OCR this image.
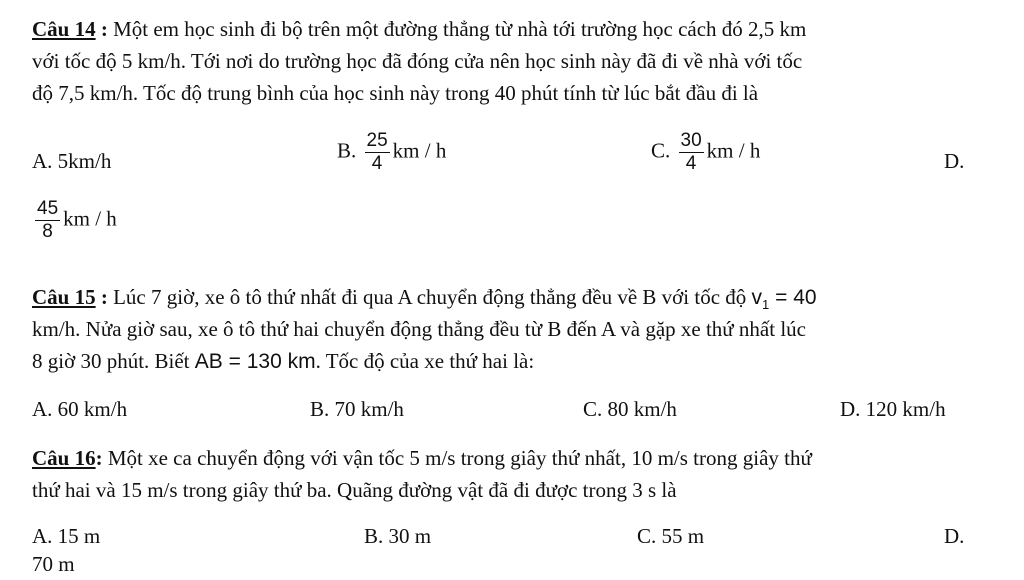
Câu 14 : Một em học sinh đi bộ trên một đường thẳng từ nhà tới trường học cách đó 2,5 km
với tốc độ 5 km/h. Tới nơi do trường học đã đóng cửa nên học sinh này đã đi về nhà với tốc
độ 7,5 km/h. Tốc độ trung bình của học sinh này trong 40 phút tính từ lúc bắt đầu đi là
A. 5km/h	B. $\frac{25}{4}$ km / h	C. $\frac{30}{4}$ km / h	D.
$\frac{45}{8}$ km / h
Câu 15 : Lúc 7 giờ, xe ô tô thứ nhất đi qua A chuyển động thẳng đều về B với tốc độ $v_1 = 40$
km/h. Nửa giờ sau, xe ô tô thứ hai chuyển động thẳng đều từ B đến A và gặp xe thứ nhất lúc
8 giờ 30 phút. Biết AB = 130 km. Tốc độ của xe thứ hai là:
A. 60 km/h	B. 70 km/h	C. 80 km/h	D. 120 km/h
Câu 16: Một xe ca chuyển động với vận tốc 5 m/s trong giây thứ nhất, 10 m/s trong giây thứ
thứ hai và 15 m/s trong giây thứ ba. Quãng đường vật đã đi được trong 3 s là
A. 15 m	B. 30 m	C. 55 m	D.
70 m
